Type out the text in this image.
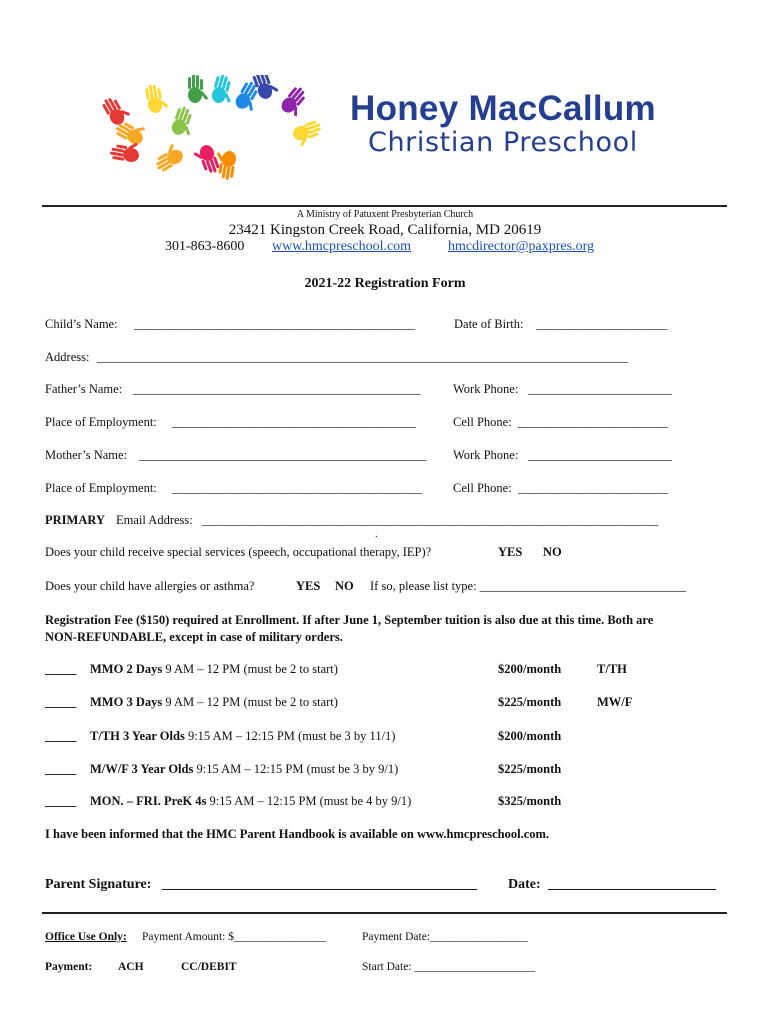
Honey MacCallum
Christian Preschool
A Ministry of Patuxent Presbyterian Church
23421 Kingston Creek Road, California, MD 20619
301-863-8600 www.hmcpreschool.com	hmcdirector@paxpres.org
2021-22 Registration Form
Child’s Name: _____________________________________________	Date of Birth: _____________________
Address: _____________________________________________________________________________________
Father’s Name: ______________________________________________	Work Phone: _______________________
Place of Employment: _______________________________________	Cell Phone: ________________________
Mother’s Name: ______________________________________________ Work Phone: _______________________
Place of Employment: ________________________________________ Cell Phone: ________________________
PRIMARY Email Address: _________________________________________________________________________
.
Does your child receive special services (speech, occupational therapy, IEP)?	YES NO
Does your child have allergies or asthma?	YES NO If so, please list type: _________________________________
Registration Fee ($150) required at Enrollment. If after June 1, September tuition is also due at this time. Both are
NON-REFUNDABLE, except in case of military orders.
_____ MMO 2 Days 9 AM – 12 PM (must be 2 to start)	$200/month	T/TH
_____ MMO 3 Days 9 AM – 12 PM (must be 2 to start)	$225/month	MW/F
_____ T/TH 3 Year Olds 9:15 AM – 12:15 PM (must be 3 by 11/1)	$200/month
_____ M/W/F 3 Year Olds 9:15 AM – 12:15 PM (must be 3 by 9/1)	$225/month
_____ MON. – FRI. PreK 4s 9:15 AM – 12:15 PM (must be 4 by 9/1)	$325/month
I have been informed that the HMC Parent Handbook is available on www.hmcpreschool.com.
Parent Signature: _____________________________________________ Date: ________________________
Office Use Only: Payment Amount: $________________	Payment Date:_________________
Payment: ACH	CC/DEBIT	Start Date: _____________________
